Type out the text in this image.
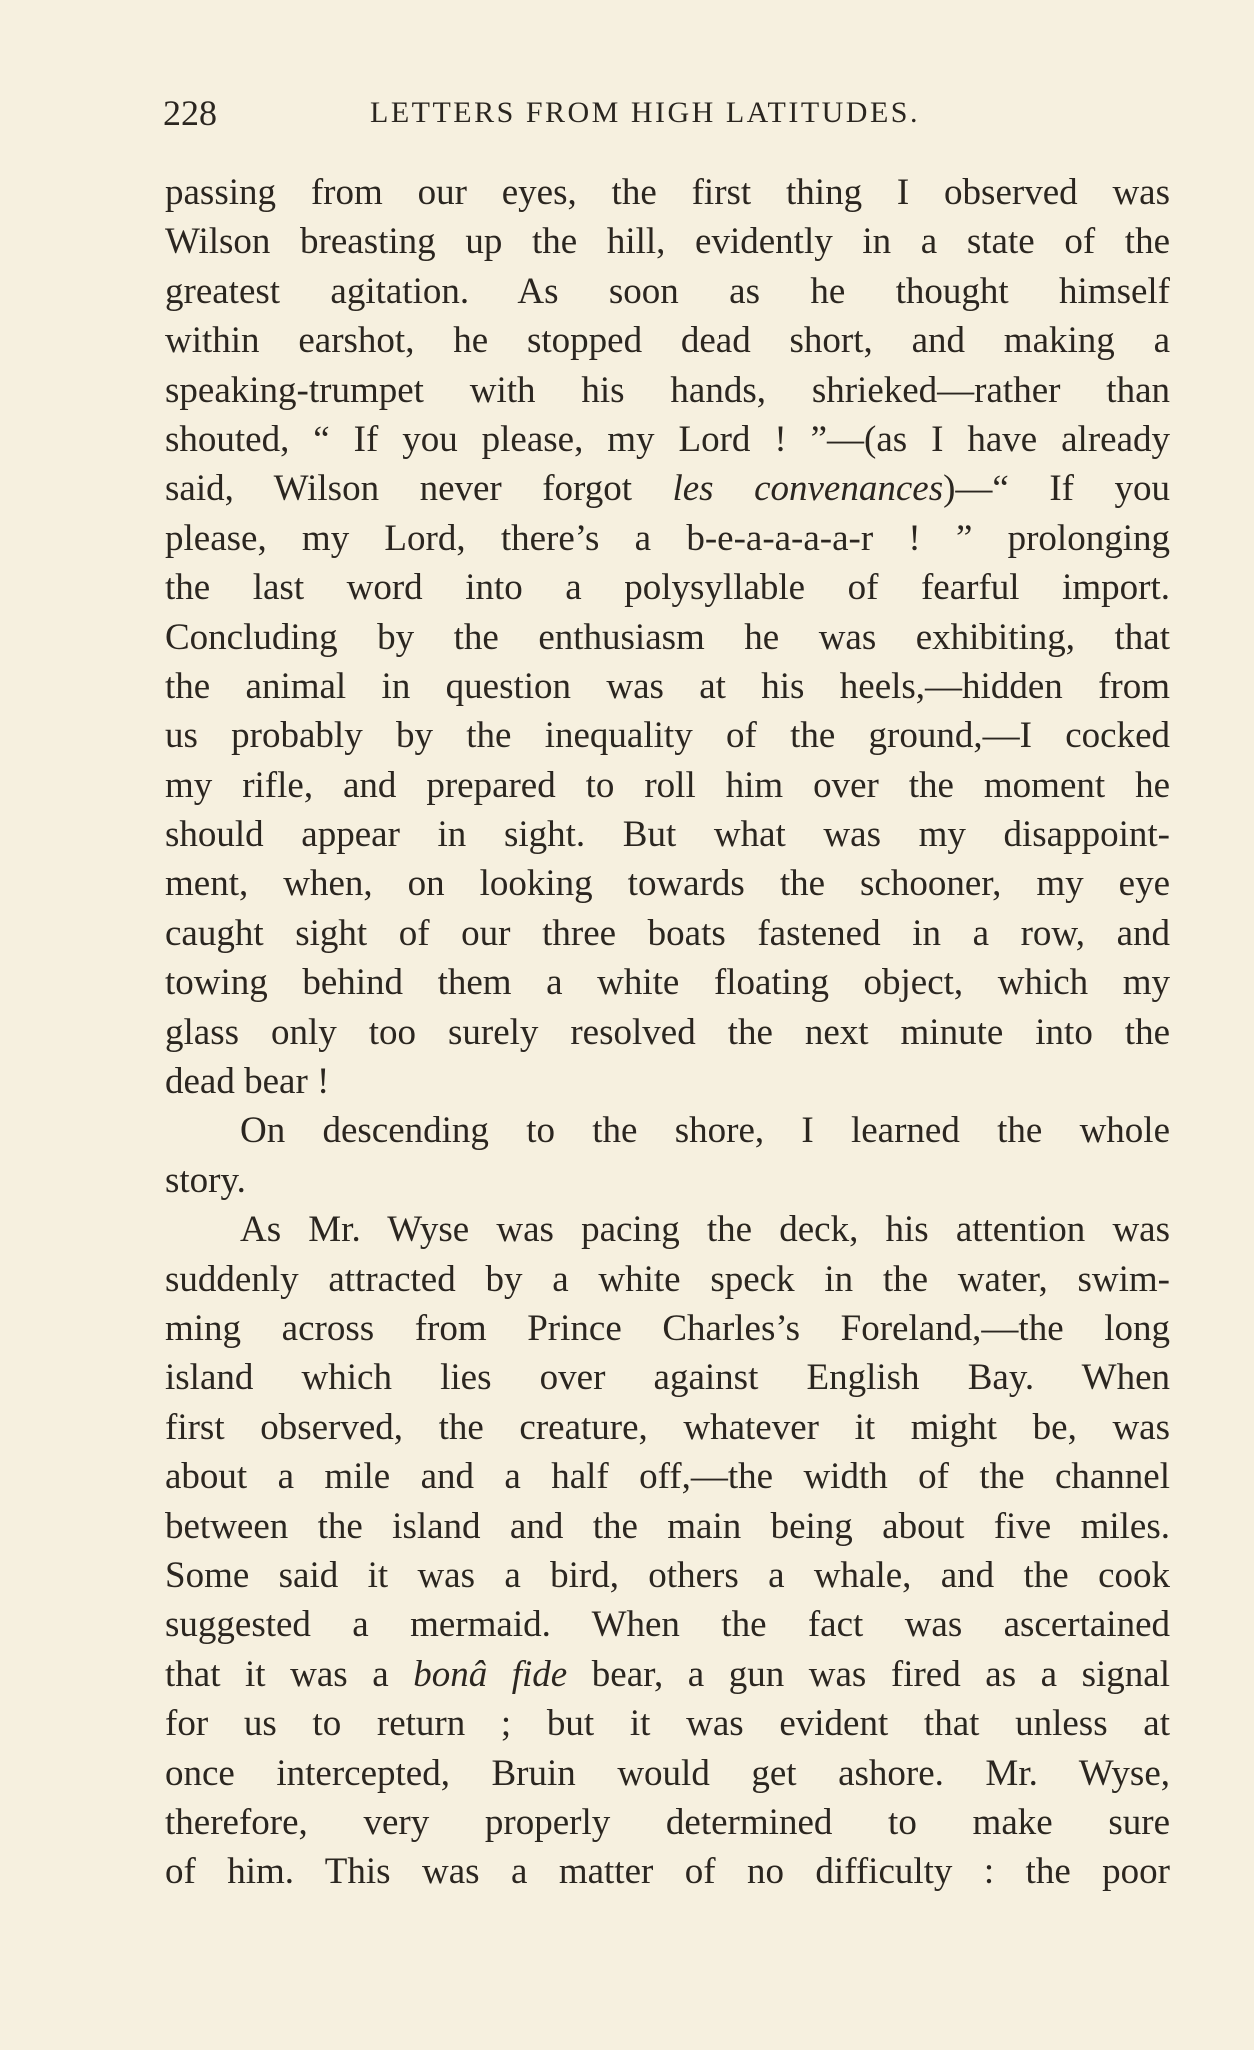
228	LETTERS FROM HIGH LATITUDES.
passing from our eyes, the first thing I observed was
Wilson breasting up the hill, evidently in a state of the
greatest agitation. As soon as he thought himself
within earshot, he stopped dead short, and making a
speaking-trumpet with his hands, shrieked—rather than
shouted, “ If you please, my Lord ! ”—(as I have already
said, Wilson never forgot les convenances)—“ If you
please, my Lord, there’s a b-e-a-a-a-a-r ! ” prolonging
the last word into a polysyllable of fearful import.
Concluding by the enthusiasm he was exhibiting, that
the animal in question was at his heels,—hidden from
us probably by the inequality of the ground,—I cocked
my rifle, and prepared to roll him over the moment he
should appear in sight. But what was my disappoint-
ment, when, on looking towards the schooner, my eye
caught sight of our three boats fastened in a row, and
towing behind them a white floating object, which my
glass only too surely resolved the next minute into the
dead bear !
On descending to the shore, I learned the whole
story.
As Mr. Wyse was pacing the deck, his attention was
suddenly attracted by a white speck in the water, swim-
ming across from Prince Charles’s Foreland,—the long
island which lies over against English Bay. When
first observed, the creature, whatever it might be, was
about a mile and a half off,—the width of the channel
between the island and the main being about five miles.
Some said it was a bird, others a whale, and the cook
suggested a mermaid. When the fact was ascertained
that it was a bonâ fide bear, a gun was fired as a signal
for us to return ; but it was evident that unless at
once intercepted, Bruin would get ashore. Mr. Wyse,
therefore, very properly determined to make sure
of him. This was a matter of no difficulty : the poor
